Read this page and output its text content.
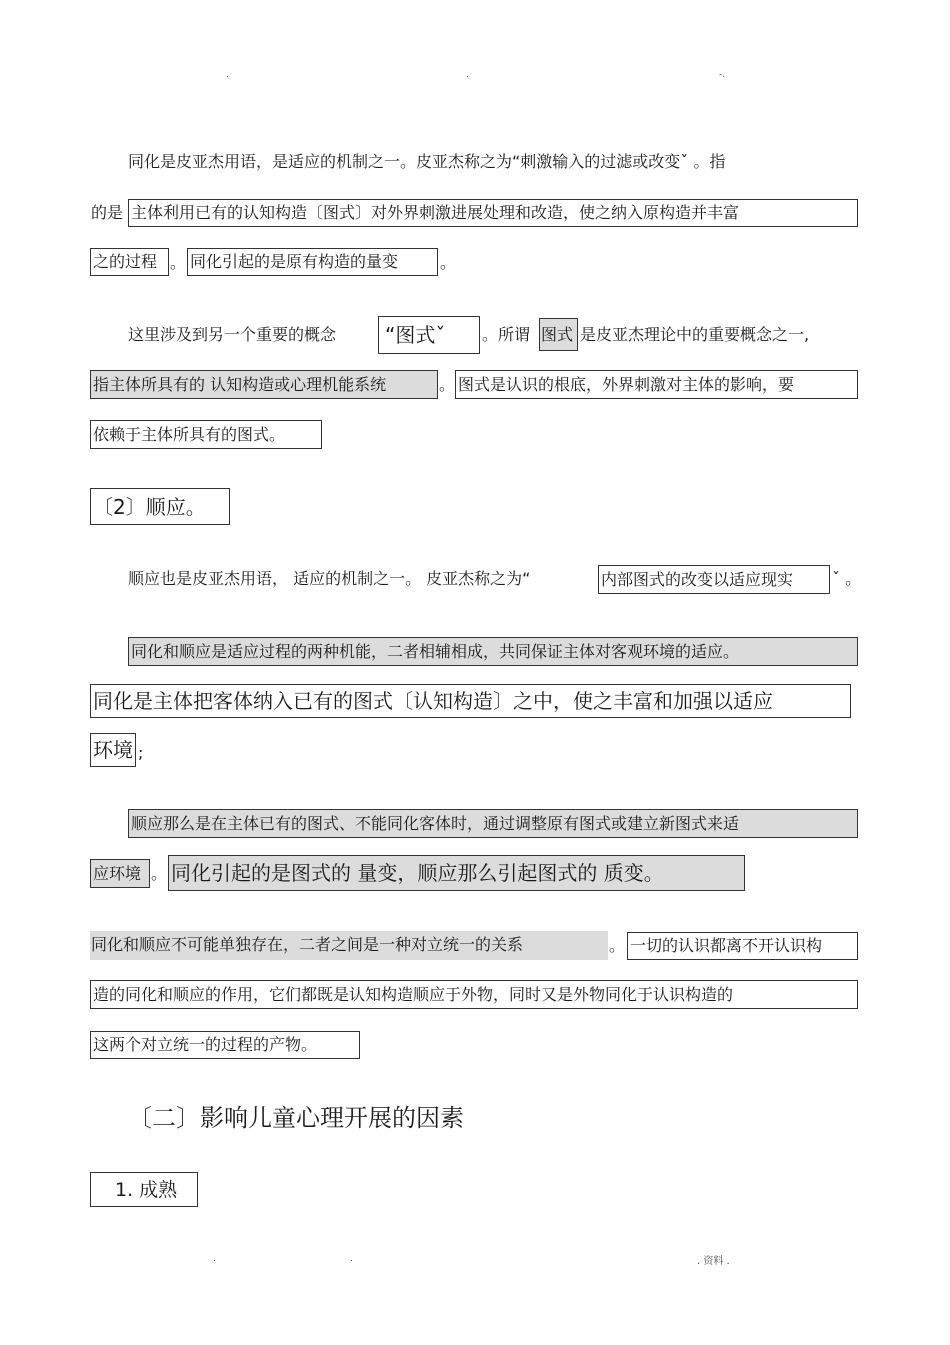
.	.	-.
同化是皮亚杰用语，是适应的机制之一。皮亚杰称之为“刺激输入的过滤或改变ˇ 。指
的是 主体利用已有的认知构造〔图式〕对外界刺激进展处理和改造，使之纳入原构造并丰富
之的过程 。 同化引起的是原有构造的量变	。
这里涉及到另一个重要的概念 “图式ˇ 。所谓 图式 是皮亚杰理论中的重要概念之一,
指主体所具有的 认知构造或心理机能系统	。 图式是认识的根底，外界刺激对主体的影响，要
依赖于主体所具有的图式。
〔2〕顺应。
顺应也是皮亚杰用语， 适应的机制之一。 皮亚杰称之为“	内部图式的改变以适应现实 ˇ 。
同化和顺应是适应过程的两种机能，二者相辅相成，共同保证主体对客观环境的适应。
同化是主体把客体纳入已有的图式〔认知构造〕之中，使之丰富和加强以适应
环境 ;
顺应那么是在主体已有的图式、不能同化客体时，通过调整原有图式或建立新图式来适
应环境 。 同化引起的是图式的 量变，顺应那么引起图式的 质变。
同化和顺应不可能单独存在，二者之间是一种对立统一的关系	。 一切的认识都离不开认识构
造的同化和顺应的作用，它们都既是认知构造顺应于外物，同时又是外物同化于认识构造的
这两个对立统一的过程的产物。
〔二〕影响儿童心理开展的因素
1. 成熟
.	.	. 资料 .
